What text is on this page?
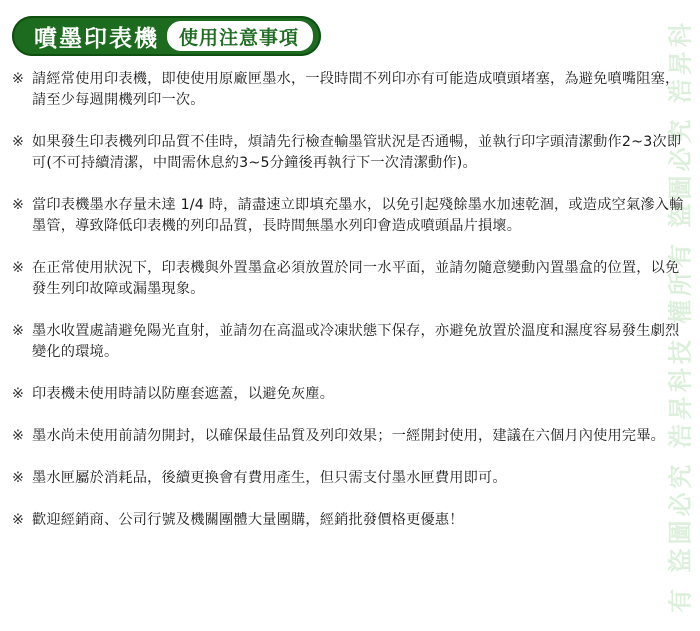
噴墨印表機 使用注意事項
※ 請經常使用印表機，即使使用原廠匣墨水，一段時間不列印亦有可能造成噴頭堵塞，為避免噴嘴阻塞，請至少每週開機列印一次。
※ 如果發生印表機列印品質不佳時，煩請先行檢查輸墨管狀況是否通暢，並執行印字頭清潔動作2~3次即可(不可持續清潔，中間需休息約3~5分鐘後再執行下一次清潔動作)。
※ 當印表機墨水存量未達 1/4 時，請盡速立即填充墨水，以免引起殘餘墨水加速乾涸，或造成空氣滲入輸墨管，導致降低印表機的列印品質，長時間無墨水列印會造成噴頭晶片損壞。
※ 在正常使用狀況下，印表機與外置墨盒必須放置於同一水平面，並請勿隨意變動內置墨盒的位置，以免發生列印故障或漏墨現象。
※ 墨水收置處請避免陽光直射，並請勿在高溫或冷凍狀態下保存，亦避免放置於溫度和濕度容易發生劇烈變化的環境。
※ 印表機未使用時請以防塵套遮蓋，以避免灰塵。
※ 墨水尚未使用前請勿開封，以確保最佳品質及列印效果；一經開封使用，建議在六個月內使用完畢。
※ 墨水匣屬於消耗品，後續更換會有費用產生，但只需支付墨水匣費用即可。
※ 歡迎經銷商、公司行號及機關團體大量團購，經銷批發價格更優惠！	有 盜圖必究 浩昇科技 權所有 盜圖必究 浩昇科
